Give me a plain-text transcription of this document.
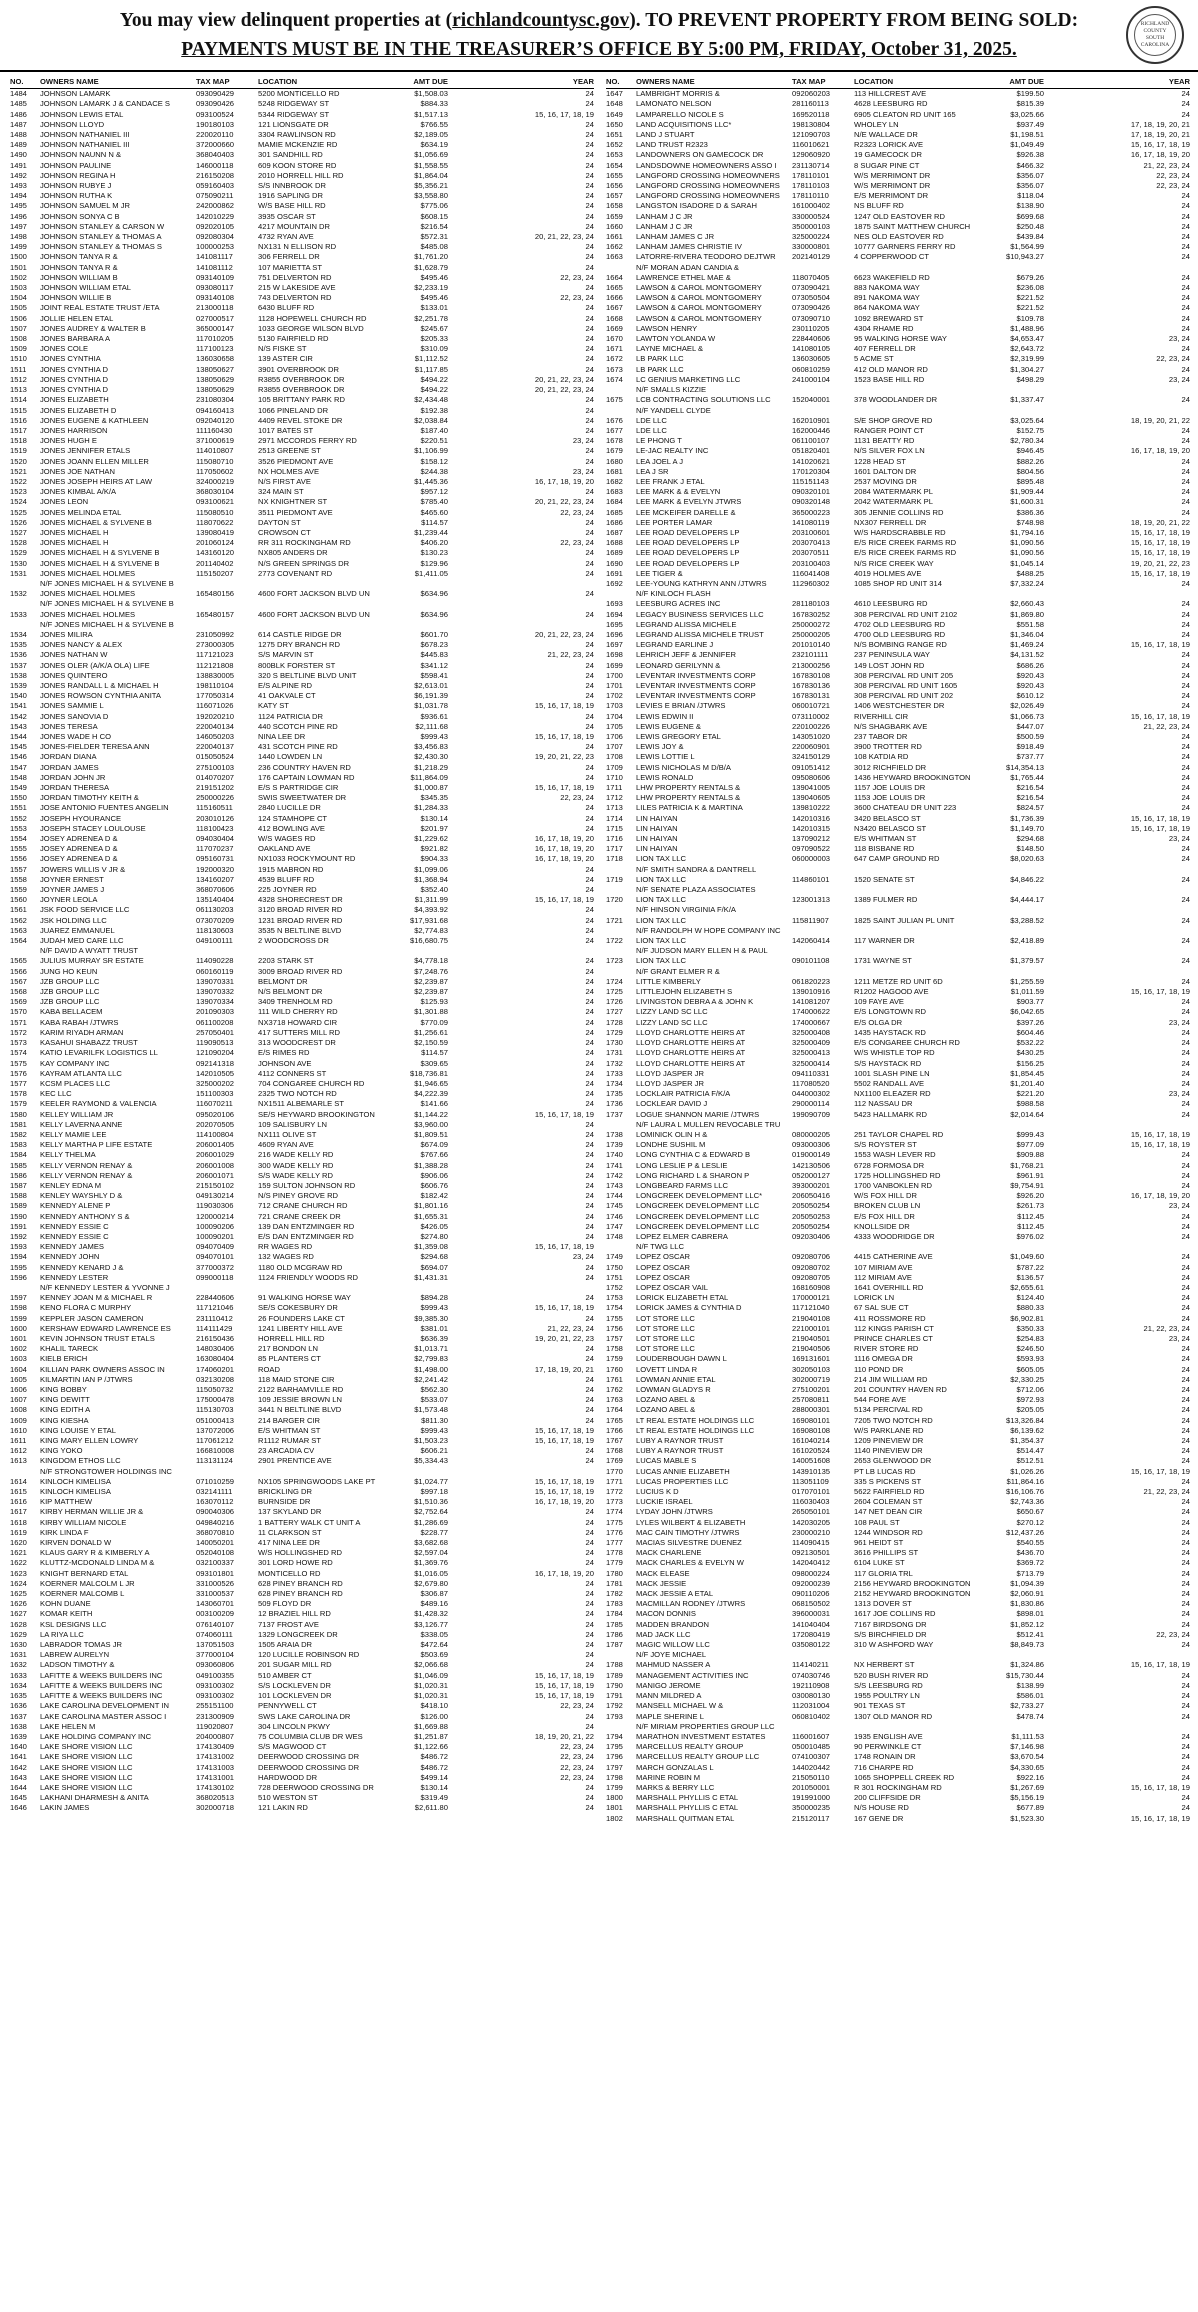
You may view delinquent properties at (richlandcountysc.gov). TO PREVENT PROPERTY FROM BEING SOLD:
PAYMENTS MUST BE IN THE TREASURER’S OFFICE BY 5:00 PM, FRIDAY, October 31, 2025.
RICHLAND COUNTY SOUTH CAROLINA
NO.	OWNERS NAME	TAX MAP	LOCATION	AMT DUE	YEAR
1484	JOHNSON LAMARK	093090429	5200 MONTICELLO RD	$1,508.03	24
1485	JOHNSON LAMARK J & CANDACE S	093090426	5248 RIDGEWAY ST	$884.33	24
1486	JOHNSON LEWIS ETAL	093100524	5344 RIDGEWAY ST	$1,517.13	15, 16, 17, 18, 19
1487	JOHNSON LLOYD	190180103	121 LIONSGATE DR	$766.55	24
1488	JOHNSON NATHANIEL III	220020110	3304 RAWLINSON RD	$2,189.05	24
1489	JOHNSON NATHANIEL III	372000660	MAMIE MCKENZIE RD	$634.19	24
1490	JOHNSON NAUNN N &	368040403	301 SANDHILL RD	$1,056.69	24
1491	JOHNSON PAULINE	146000118	609 KOON STORE RD	$1,558.55	24
1492	JOHNSON REGINA H	216150208	2010 HORRELL HILL RD	$1,864.04	24
1493	JOHNSON RUBYE J	059160403	S/S INNBROOK DR	$5,356.21	24
1494	JOHNSON RUTHA K	075090211	1916 SAPLING DR	$3,558.80	24
1495	JOHNSON SAMUEL M JR	242000862	W/S BASE HILL RD	$775.06	24
1496	JOHNSON SONYA C B	142010229	3935 OSCAR ST	$608.15	24
1497	JOHNSON STANLEY & CARSON W	092020105	4217 MOUNTAIN DR	$216.54	24
1498	JOHNSON STANLEY & THOMAS A	092080304	4732 RYAN AVE	$572.31	20, 21, 22, 23, 24
1499	JOHNSON STANLEY & THOMAS S	100000253	NX131 N ELLISON RD	$485.08	24
1500	JOHNSON TANYA R &	141081117	306 FERRELL DR	$1,761.20	24
1501	JOHNSON TANYA R &	141081112	107 MARIETTA ST	$1,628.79	24
1502	JOHNSON WILLIAM B	093140109	751 DELVERTON RD	$495.46	22, 23, 24
1503	JOHNSON WILLIAM ETAL	093080117	215 W LAKESIDE AVE	$2,233.19	24
1504	JOHNSON WILLIE B	093140108	743 DELVERTON RD	$495.46	22, 23, 24
1505	JOINT REAL ESTATE TRUST /ETA	213000118	6430 BLUFF RD	$133.01	24
1506	JOLLIE HELEN ETAL	027000517	1128 HOPEWELL CHURCH RD	$2,251.78	24
1507	JONES AUDREY & WALTER B	365000147	1033 GEORGE WILSON BLVD	$245.67	24
1508	JONES BARBARA A	117010205	5130 FAIRFIELD RD	$205.33	24
1509	JONES COLE	117100123	N/S FISKE ST	$310.09	24
1510	JONES CYNTHIA	136030658	139 ASTER CIR	$1,112.52	24
1511	JONES CYNTHIA D	138050627	3901 OVERBROOK DR	$1,117.85	24
1512	JONES CYNTHIA D	138050629	R3855 OVERBROOK DR	$494.22	20, 21, 22, 23, 24
1513	JONES CYNTHIA D	138050629	R3855 OVERBROOK DR	$494.22	20, 21, 22, 23, 24
1514	JONES ELIZABETH	231080304	105 BRITTANY PARK RD	$2,434.48	24
1515	JONES ELIZABETH D	094160413	1066 PINELAND DR	$192.38	24
1516	JONES EUGENE & KATHLEEN	092040120	4409 REVEL STOKE DR	$2,038.84	24
1517	JONES HARRISON	111160430	1017 BATES ST	$187.40	24
1518	JONES HUGH E	371000619	2971 MCCORDS FERRY RD	$220.51	23, 24
1519	JONES JENNIFER ETALS	114010807	2513 GREENE ST	$1,106.99	24
1520	JONES JOANN ELLEN MILLER	115080710	3526 PIEDMONT AVE	$158.12	24
1521	JONES JOE NATHAN	117050602	NX HOLMES AVE	$244.38	23, 24
1522	JONES JOSEPH HEIRS AT LAW	324000219	N/S FIRST AVE	$1,445.36	16, 17, 18, 19, 20
1523	JONES KIMBAL A/K/A	368030104	324 MAIN ST	$957.12	24
1524	JONES LEON	093100621	NX KNIGHTNER ST	$785.40	20, 21, 22, 23, 24
1525	JONES MELINDA ETAL	115080510	3511 PIEDMONT AVE	$465.60	22, 23, 24
1526	JONES MICHAEL & SYLVENE B	118070622	DAYTON ST	$114.57	24
1527	JONES MICHAEL H	139080419	CROWSON CT	$1,239.44	24
1528	JONES MICHAEL H	201060124	RR 311 ROCKINGHAM RD	$406.20	22, 23, 24
1529	JONES MICHAEL H & SYLVENE B	143160120	NX805 ANDERS DR	$130.23	24
1530	JONES MICHAEL H & SYLVENE B	201140402	N/S GREEN SPRINGS DR	$129.96	24
1531	JONES MICHAEL HOLMES	115150207	2773 COVENANT RD	$1,411.05	24
	N/F JONES MICHAEL H & SYLVENE B				
1532	JONES MICHAEL HOLMES	165480156	4600 FORT JACKSON BLVD UN	$634.96	24
	N/F JONES MICHAEL H & SYLVENE B				
1533	JONES MICHAEL HOLMES	165480157	4600 FORT JACKSON BLVD UN	$634.96	24
	N/F JONES MICHAEL H & SYLVENE B				
1534	JONES MILIRA	231050992	614 CASTLE RIDGE DR	$601.70	20, 21, 22, 23, 24
1535	JONES NANCY & ALEX	273000305	1275 DRY BRANCH RD	$678.23	24
1536	JONES NATHAN W	117121023	S/S MARVIN ST	$445.83	21, 22, 23, 24
1537	JONES OLER (A/K/A OLA) LIFE	112121808	800BLK FORSTER ST	$341.12	24
1538	JONES QUINTERO	138830005	320 S BELTLINE BLVD UNIT	$598.41	24
1539	JONES RANDALL L & MICHAEL H	198110104	E/S ALPINE RD	$2,613.01	24
1540	JONES ROWSON CYNTHIA ANITA	177050314	41 OAKVALE CT	$6,191.39	24
1541	JONES SAMMIE L	116071026	KATY ST	$1,031.78	15, 16, 17, 18, 19
1542	JONES SANOVIA D	192020210	1124 PATRICIA DR	$936.61	24
1543	JONES TERESA	220040134	440 SCOTCH PINE RD	$2,111.68	24
1544	JONES WADE H CO	146050203	NINA LEE DR	$999.43	15, 16, 17, 18, 19
1545	JONES-FIELDER TERESA ANN	220040137	431 SCOTCH PINE RD	$3,456.83	24
1546	JORDAN DIANA	015050524	1440 LOWDEN LN	$2,430.30	19, 20, 21, 22, 23
1547	JORDAN JAMES	275100103	236 COUNTRY HAVEN RD	$1,218.29	24
1548	JORDAN JOHN JR	014070207	176 CAPTAIN LOWMAN RD	$11,864.09	24
1549	JORDAN THERESA	219151202	E/S S PARTRIDGE CIR	$1,000.87	15, 16, 17, 18, 19
1550	JORDAN TIMOTHY KEITH &	250000226	SWIS SWEETWATER DR	$345.35	22, 23, 24
1551	JOSE ANTONIO FUENTES ANGELIN	115160511	2840 LUCILLE DR	$1,284.33	24
1552	JOSEPH HYOURANCE	203010126	124 STAMHOPE CT	$130.14	24
1553	JOSEPH STACEY LOULOUSE	118100423	412 BOWLING AVE	$201.97	24
1554	JOSEY ADRENEA D &	094030404	W/S WAGES RD	$1,229.62	16, 17, 18, 19, 20
1555	JOSEY ADRENEA D &	117070237	OAKLAND AVE	$921.82	16, 17, 18, 19, 20
1556	JOSEY ADRENEA D &	095160731	NX1033 ROCKYMOUNT RD	$904.33	16, 17, 18, 19, 20
1557	JOWERS WILLIS V JR &	192000320	1915 MABRON RD	$1,099.06	24
1558	JOYNER ERNEST	134160207	4539 BLUFF RD	$1,368.94	24
1559	JOYNER JAMES J	368070606	225 JOYNER RD	$352.40	24
1560	JOYNER LEOLA	135140404	4328 SHORECREST DR	$1,311.99	15, 16, 17, 18, 19
1561	JSK FOOD SERVICE LLC	061130203	3120 BROAD RIVER RD	$4,393.92	24
1562	JSK HOLDING LLC	073070209	1231 BROAD RIVER RD	$17,931.68	24
1563	JUAREZ EMMANUEL	118130603	3535 N BELTLINE BLVD	$2,774.83	24
1564	JUDAH MED CARE LLC	049100111	2 WOODCROSS DR	$16,680.75	24
	N/F DAVID A WYATT TRUST				
1565	JULIUS MURRAY SR ESTATE	114090228	2203 STARK ST	$4,778.18	24
1566	JUNG HO KEUN	060160119	3009 BROAD RIVER RD	$7,248.76	24
1567	JZB GROUP LLC	139070331	BELMONT DR	$2,239.87	24
1568	JZB GROUP LLC	139070332	N/S BELMONT DR	$2,239.87	24
1569	JZB GROUP LLC	139070334	3409 TRENHOLM RD	$125.93	24
1570	KABA BELLACEM	201090303	111 WILD CHERRY RD	$1,301.88	24
1571	KABA RABAH /JTWRS	061100208	NX3718 HOWARD CIR	$770.09	24
1572	KARIM RIYADH ARMAN	257050401	417 SUTTERS MILL RD	$1,256.61	24
1573	KASAHUI SHABAZZ TRUST	119090513	313 WOODCREST DR	$2,150.59	24
1574	KATIO LEVARILFK LOGISTICS LL	121090204	E/S RIMES RD	$114.57	24
1575	KAY COMPANY INC	092141318	JOHNSON AVE	$309.65	24
1576	KAYRAM ATLANTA LLC	142010505	4112 CONNERS ST	$18,736.81	24
1577	KCSM PLACES LLC	325000202	704 CONGAREE CHURCH RD	$1,946.65	24
1578	KEC LLC	151100303	2325 TWO NOTCH RD	$4,222.39	24
1579	KEELER RAYMOND & VALENCIA	116070211	NX1511 ALBEMARLE ST	$141.66	24
1580	KELLEY WILLIAM JR	095020106	SE/S HEYWARD BROOKINGTON	$1,144.22	15, 16, 17, 18, 19
1581	KELLY LAVERNA ANNE	202070505	109 SALISBURY LN	$3,960.00	24
1582	KELLY MAMIE LEE	114100804	NX111 OLIVE ST	$1,809.51	24
1583	KELLY MARTHA P LIFE ESTATE	206001405	4609 RYAN AVE	$674.09	24
1584	KELLY THELMA	206001029	216 WADE KELLY RD	$767.66	24
1585	KELLY VERNON RENAY &	206001008	300 WADE KELLY RD	$1,388.28	24
1586	KELLY VERNON RENAY &	206001071	S/S WADE KELLY RD	$906.06	24
1587	KENLEY EDNA M	215150102	159 SULTON JOHNSON RD	$606.76	24
1588	KENLEY WAYSHLY D &	049130214	N/S PINEY GROVE RD	$182.42	24
1589	KENNEDY ALENE P	119030306	712 CRANE CHURCH RD	$1,801.16	24
1590	KENNEDY ANTHONY S &	120000214	721 CRANE CREEK DR	$1,655.31	24
1591	KENNEDY ESSIE C	100090206	139 DAN ENTZMINGER RD	$426.05	24
1592	KENNEDY ESSIE C	100090201	E/S DAN ENTZMINGER RD	$274.80	24
1593	KENNEDY JAMES	094070409	RR WAGES RD	$1,359.08	15, 16, 17, 18, 19
1594	KENNEDY JOHN	094070101	132 WAGES RD	$294.68	23, 24
1595	KENNEDY KENARD J &	377000372	1180 OLD MCGRAW RD	$694.07	24
1596	KENNEDY LESTER	099000118	1124 FRIENDLY WOODS RD	$1,431.31	24
	N/F KENNEDY LESTER & YVONNE J				
1597	KENNEY JOAN M & MICHAEL R	228440606	91 WALKING HORSE WAY	$894.28	24
1598	KENO FLORA C MURPHY	117121046	SE/S COKESBURY DR	$999.43	15, 16, 17, 18, 19
1599	KEPPLER JASON CAMERON	231110412	26 FOUNDERS LAKE CT	$9,385.30	24
1600	KERSHAW EDWARD LAWRENCE ES	114111429	1241 LIBERTY HILL AVE	$381.01	21, 22, 23, 24
1601	KEVIN JOHNSON TRUST ETALS	216150436	HORRELL HILL RD	$636.39	19, 20, 21, 22, 23
1602	KHALIL TARECK	148030406	217 BONDON LN	$1,013.71	24
1603	KIELB ERICH	163080404	85 PLANTERS CT	$2,799.83	24
1604	KILLIAN PARK OWNERS ASSOC IN	174060201	ROAD	$1,498.00	17, 18, 19, 20, 21
1605	KILMARTIN IAN P /JTWRS	032130208	118 MAID STONE CIR	$2,241.42	24
1606	KING BOBBY	115050732	2122 BARHAMVILLE RD	$562.30	24
1607	KING DEWITT	175000478	109 JESSIE BROWN LN	$533.07	24
1608	KING EDITH A	115130703	3441 N BELTLINE BLVD	$1,573.48	24
1609	KING KIESHA	051000413	214 BARGER CIR	$811.30	24
1610	KING LOUISE Y ETAL	137072006	E/S WHITMAN ST	$999.43	15, 16, 17, 18, 19
1611	KING MARY ELLEN LOWRY	117061212	R1112 RUMAR ST	$1,503.23	15, 16, 17, 18, 19
1612	KING YOKO	166810008	23 ARCADIA CV	$606.21	24
1613	KINGDOM ETHOS LLC	113131124	2901 PRENTICE AVE	$5,334.43	24
	N/F STRONGTOWER HOLDINGS INC				
1614	KINLOCH KIMELISA	071010259	NX105 SPRINGWOODS LAKE PT	$1,024.77	15, 16, 17, 18, 19
1615	KINLOCH KIMELISA	032141111	BRICKLING DR	$997.18	15, 16, 17, 18, 19
1616	KIP MATTHEW	163070112	BURNSIDE DR	$1,510.36	16, 17, 18, 19, 20
1617	KIRBY HERMAN WILLIE JR &	090040306	137 SKYLAND DR	$2,752.64	24
1618	KIRBY WILLIAM NICOLE	049840216	1 BATTERY WALK CT UNIT A	$1,286.69	24
1619	KIRK LINDA F	368070810	11 CLARKSON ST	$228.77	24
1620	KIRVEN DONALD W	140050201	417 NINA LEE DR	$3,682.68	24
1621	KLAUS GARY R & KIMBERLY A	052040108	W/S HOLLINGSHED RD	$2,597.04	24
1622	KLUTTZ-MCDONALD LINDA M &	032100337	301 LORD HOWE RD	$1,369.76	24
1623	KNIGHT BERNARD ETAL	093101801	MONTICELLO RD	$1,016.05	16, 17, 18, 19, 20
1624	KOERNER MALCOLM L JR	331000526	628 PINEY BRANCH RD	$2,679.80	24
1625	KOERNER MALCOMB L	331000537	628 PINEY BRANCH RD	$306.87	24
1626	KOHN DUANE	143060701	509 FLOYD DR	$489.16	24
1627	KOMAR KEITH	003100209	12 BRAZIEL HILL RD	$1,428.32	24
1628	KSL DESIGNS LLC	076140107	7137 FROST AVE	$3,126.77	24
1629	LA RIYA LLC	074060111	1329 LONGCREEK DR	$338.05	24
1630	LABRADOR TOMAS JR	137051503	1505 ARAIA DR	$472.64	24
1631	LABREW AURELYN	377000104	120 LUCILLE ROBINSON RD	$503.69	24
1632	LADSON TIMOTHY &	093060806	201 SUGAR MILL RD	$2,066.68	24
1633	LAFITTE & WEEKS BUILDERS INC	049100355	510 AMBER CT	$1,046.09	15, 16, 17, 18, 19
1634	LAFITTE & WEEKS BUILDERS INC	093100302	S/S LOCKLEVEN DR	$1,020.31	15, 16, 17, 18, 19
1635	LAFITTE & WEEKS BUILDERS INC	093100302	101 LOCKLEVEN DR	$1,020.31	15, 16, 17, 18, 19
1636	LAKE CAROLINA DEVELOPMENT IN	255151100	PENNYWELL CT	$418.10	22, 23, 24
1637	LAKE CAROLINA MASTER ASSOC I	231300909	SWS LAKE CAROLINA DR	$126.00	24
1638	LAKE HELEN M	119020807	304 LINCOLN PKWY	$1,669.88	24
1639	LAKE HOLDING COMPANY INC	204000807	75 COLUMBIA CLUB DR WES	$1,251.87	18, 19, 20, 21, 22
1640	LAKE SHORE VISION LLC	174130409	S/S MAGWOOD CT	$1,122.66	22, 23, 24
1641	LAKE SHORE VISION LLC	174131002	DEERWOOD CROSSING DR	$486.72	22, 23, 24
1642	LAKE SHORE VISION LLC	174131003	DEERWOOD CROSSING DR	$486.72	22, 23, 24
1643	LAKE SHORE VISION LLC	174131001	HARDWOOD DR	$499.14	22, 23, 24
1644	LAKE SHORE VISION LLC	174130102	728 DEERWOOD CROSSING DR	$130.14	24
1645	LAKHANI DHARMESH & ANITA	368020513	510 WESTON ST	$319.49	24
1646	LAKIN JAMES	302000718	121 LAKIN RD	$2,611.80	24
NO.	OWNERS NAME	TAX MAP	LOCATION	AMT DUE	YEAR
1647	LAMBRIGHT MORRIS &	092060203	113 HILLCREST AVE	$199.50	24
1648	LAMONATO NELSON	281160113	4628 LEESBURG RD	$815.39	24
1649	LAMPARELLO NICOLE S	169520118	6905 CLEATON RD UNIT 165	$3,025.66	24
1650	LAND ACQUISITIONS LLC*	198130804	WHOLEY LN	$937.49	17, 18, 19, 20, 21
1651	LAND J STUART	121090703	N/E WALLACE DR	$1,198.51	17, 18, 19, 20, 21
1652	LAND TRUST R2323	116010621	R2323 LORICK AVE	$1,049.49	15, 16, 17, 18, 19
1653	LANDOWNERS ON GAMECOCK DR	129060920	19 GAMECOCK DR	$926.38	16, 17, 18, 19, 20
1654	LANDSDOWNE HOMEOWNERS ASSO I	231130714	8 SUGAR PINE CT	$466.32	21, 22, 23, 24
1655	LANGFORD CROSSING HOMEOWNERS	178110101	W/S MERRIMONT DR	$356.07	22, 23, 24
1656	LANGFORD CROSSING HOMEOWNERS	178110103	W/S MERRIMONT DR	$356.07	22, 23, 24
1657	LANGFORD CROSSING HOMEOWNERS	178110110	E/S MERRIMONT DR	$118.04	24
1658	LANGSTON ISADORE D & SARAH	161000402	NS BLUFF RD	$138.90	24
1659	LANHAM J C JR	330000524	1247 OLD EASTOVER RD	$699.68	24
1660	LANHAM J C JR	350000103	1875 SAINT MATTHEW CHURCH	$250.48	24
1661	LANHAM JAMES C JR	325000224	NES OLD EASTOVER RD	$439.84	24
1662	LANHAM JAMES CHRISTIE IV	330000801	10777 GARNERS FERRY RD	$1,564.99	24
1663	LATORRE-RIVERA TEODORO DEJTWR	202140129	4 COPPERWOOD CT	$10,943.27	24
	N/F MORAN ADAN CANDIA &				
1664	LAWRENCE ETHEL MAE &	118070405	6623 WAKEFIELD RD	$679.26	24
1665	LAWSON & CAROL MONTGOMERY	073090421	883 NAKOMA WAY	$236.08	24
1666	LAWSON & CAROL MONTGOMERY	073050504	891 NAKOMA WAY	$221.52	24
1667	LAWSON & CAROL MONTGOMERY	073090426	864 NAKOMA WAY	$221.52	24
1668	LAWSON & CAROL MONTGOMERY	073090710	1092 BREWARD ST	$109.78	24
1669	LAWSON HENRY	230110205	4304 RHAME RD	$1,488.96	24
1670	LAWTON YOLANDA W	228440606	95 WALKING HORSE WAY	$4,653.47	23, 24
1671	LAYNE MICHAEL &	141080105	407 FERRELL DR	$2,643.72	24
1672	LB PARK LLC	136030605	5 ACME ST	$2,319.99	22, 23, 24
1673	LB PARK LLC	060810259	412 OLD MANOR RD	$1,304.27	24
1674	LC GENIUS MARKETING LLC	241000104	1523 BASE HILL RD	$498.29	23, 24
	N/F SMALLS KIZZIE				
1675	LCB CONTRACTING SOLUTIONS LLC	152040001	378 WOODLANDER DR	$1,337.47	24
	N/F YANDELL CLYDE				
1676	LDE LLC	162010901	S/E SHOP GROVE RD	$3,025.64	18, 19, 20, 21, 22
1677	LDE LLC	162000446	RANGER POINT CT	$152.75	24
1678	LE PHONG T	061100107	1131 BEATTY RD	$2,780.34	24
1679	LE-JAC REALTY INC	051820401	N/S SILVER FOX LN	$946.45	16, 17, 18, 19, 20
1680	LEA JOEL A J	141020621	1228 HEAD ST	$882.26	24
1681	LEA J SR	170120304	1601 DALTON DR	$804.56	24
1682	LEE FRANK J ETAL	115151143	2537 MOVING DR	$895.48	24
1683	LEE MARK & & EVELYN	090320101	2084 WATERMARK PL	$1,909.44	24
1684	LEE MARK & EVELYN JTWRS	090320148	2042 WATERMARK PL	$1,600.31	24
1685	LEE MCKEIFER DARELLE &	365000223	305 JENNIE COLLINS RD	$386.36	24
1686	LEE PORTER LAMAR	141080119	NX307 FERRELL DR	$748.98	18, 19, 20, 21, 22
1687	LEE ROAD DEVELOPERS LP	203100601	W/S HARDSCRABBLE RD	$1,794.16	15, 16, 17, 18, 19
1688	LEE ROAD DEVELOPERS LP	203070413	E/S RICE CREEK FARMS RD	$1,090.56	15, 16, 17, 18, 19
1689	LEE ROAD DEVELOPERS LP	203070511	E/S RICE CREEK FARMS RD	$1,090.56	15, 16, 17, 18, 19
1690	LEE ROAD DEVELOPERS LP	203100403	N/S RICE CREEK WAY	$1,045.14	19, 20, 21, 22, 23
1691	LEE TIGER &	116041408	4019 HOLMES AVE	$488.25	15, 16, 17, 18, 19
1692	LEE-YOUNG KATHRYN ANN /JTWRS	112960302	1085 SHOP RD UNIT 314	$7,332.24	24
	N/F KINLOCH FLASH				
1693	LEESBURG ACRES INC	281180103	4610 LEESBURG RD	$2,660.43	24
1694	LEGACY BUSINESS SERVICES LLC	167830252	308 PERCIVAL RD UNIT 2102	$1,869.80	24
1695	LEGRAND ALISSA MICHELE	250000272	4702 OLD LEESBURG RD	$551.58	24
1696	LEGRAND ALISSA MICHELE TRUST	250000205	4700 OLD LEESBURG RD	$1,346.04	24
1697	LEGRAND EARLINE J	201010140	N/S BOMBING RANGE RD	$1,469.24	15, 16, 17, 18, 19
1698	LEHRICH JEFF & JENNIFER	232101111	237 PENINSULA WAY	$4,131.52	24
1699	LEONARD GERILYNN &	213000256	149 LOST JOHN RD	$686.26	24
1700	LEVENTAR INVESTMENTS CORP	167830108	308 PERCIVAL RD UNIT 205	$920.43	24
1701	LEVENTAR INVESTMENTS CORP	167830136	308 PERCIVAL RD UNIT 1605	$920.43	24
1702	LEVENTAR INVESTMENTS CORP	167830131	308 PERCIVAL RD UNIT 202	$610.12	24
1703	LEVIES E BRIAN /JTWRS	060010721	1406 WESTCHESTER DR	$2,026.49	24
1704	LEWIS EDWIN II	073110002	RIVERHILL CIR	$1,066.73	15, 16, 17, 18, 19
1705	LEWIS EUGENE &	220100226	N/S SHAGBARK AVE	$447.07	21, 22, 23, 24
1706	LEWIS GREGORY ETAL	143051020	237 TABOR DR	$500.59	24
1707	LEWIS JOY &	220060901	3900 TROTTER RD	$918.49	24
1708	LEWIS LOTTIE L	324150129	108 KATDIA RD	$737.77	24
1709	LEWIS NICHOLAS M D/B/A	091051412	3012 RICHFIELD DR	$14,354.13	24
1710	LEWIS RONALD	095080606	1436 HEYWARD BROOKINGTON	$1,765.44	24
1711	LHW PROPERTY RENTALS &	139041005	1157 JOE LOUIS DR	$216.54	24
1712	LHW PROPERTY RENTALS &	139040605	1153 JOE LOUIS DR	$216.54	24
1713	LILES PATRICIA K & MARTINA	139810222	3600 CHATEAU DR UNIT 223	$824.57	24
1714	LIN HAIYAN	142010316	3420 BELASCO ST	$1,736.39	15, 16, 17, 18, 19
1715	LIN HAIYAN	142010315	N3420 BELASCO ST	$1,149.70	15, 16, 17, 18, 19
1716	LIN HAIYAN	137090212	E/S WHITMAN ST	$294.68	23, 24
1717	LIN HAIYAN	097090522	118 BISBANE RD	$148.50	24
1718	LION TAX LLC	060000003	647 CAMP GROUND RD	$8,020.63	24
	N/F SMITH SANDRA & DANTRELL				
1719	LION TAX LLC	114860101	1520 SENATE ST	$4,846.22	24
	N/F SENATE PLAZA ASSOCIATES				
1720	LION TAX LLC	123001313	1389 FULMER RD	$4,444.17	24
	N/F HINSON VIRGINIA F/K/A				
1721	LION TAX LLC	115811907	1825 SAINT JULIAN PL UNIT	$3,288.52	24
	N/F RANDOLPH W HOPE COMPANY INC				
1722	LION TAX LLC	142060414	117 WARNER DR	$2,418.89	24
	N/F JUDSON MARY ELLEN H & PAUL				
1723	LION TAX LLC	090101108	1731 WAYNE ST	$1,379.57	24
	N/F GRANT ELMER R &				
1724	LITTLE KIMBERLY	061820223	1211 METZE RD UNIT 6D	$1,255.59	24
1725	LITTLEJOHN ELIZABETH S	139010916	R1202 HAGOOD AVE	$1,011.59	15, 16, 17, 18, 19
1726	LIVINGSTON DEBRA A & JOHN K	141081207	109 FAYE AVE	$903.77	24
1727	LIZZY LAND SC LLC	174000622	E/S LONGTOWN RD	$6,042.65	24
1728	LIZZY LAND SC LLC	174000667	E/S OLGA DR	$397.26	23, 24
1729	LLOYD CHARLOTTE HEIRS AT	325000408	1435 HAYSTACK RD	$604.46	24
1730	LLOYD CHARLOTTE HEIRS AT	325000409	E/S CONGAREE CHURCH RD	$532.22	24
1731	LLOYD CHARLOTTE HEIRS AT	325000413	W/S WHISTLE TOP RD	$430.25	24
1732	LLOYD CHARLOTTE HEIRS AT	325000414	S/S HAYSTACK RD	$156.25	24
1733	LLOYD JASPER JR	094110331	1001 SLASH PINE LN	$1,854.45	24
1734	LLOYD JASPER JR	117080520	5502 RANDALL AVE	$1,201.40	24
1735	LOCKLAIR PATRICIA F/K/A	044000302	NX1100 ELEAZER RD	$221.20	23, 24
1736	LOCKLEAR DAVID J	290000114	112 NASSAU DR	$988.58	24
1737	LOGUE SHANNON MARIE /JTWRS	199090709	5423 HALLMARK RD	$2,014.64	24
	N/F LAURA L MULLEN REVOCABLE TRU				
1738	LOMINICK OLIN H &	080000205	251 TAYLOR CHAPEL RD	$999.43	15, 16, 17, 18, 19
1739	LONDHE SUSHIL M	093000306	S/S ROYSTER ST	$977.09	15, 16, 17, 18, 19
1740	LONG CYNTHIA C & EDWARD B	019000149	1553 WASH LEVER RD	$909.88	24
1741	LONG LESLIE P & LESLIE	142130506	6728 FORMOSA DR	$1,768.21	24
1742	LONG RICHARD L & SHARON P	052000127	1725 HOLLINGSHED RD	$961.91	24
1743	LONGBEARD FARMS LLC	393000201	1700 VANBOKLEN RD	$9,754.91	24
1744	LONGCREEK DEVELOPMENT LLC*	206050416	W/S FOX HILL DR	$926.20	16, 17, 18, 19, 20
1745	LONGCREEK DEVELOPMENT LLC	205050254	BROKEN CLUB LN	$261.73	23, 24
1746	LONGCREEK DEVELOPMENT LLC	205050253	E/S FOX HILL DR	$112.45	24
1747	LONGCREEK DEVELOPMENT LLC	205050254	KNOLLSIDE DR	$112.45	24
1748	LOPEZ ELMER CABRERA	092030406	4333 WOODRIDGE DR	$976.02	24
	N/F TWG LLC				
1749	LOPEZ OSCAR	092080706	4415 CATHERINE AVE	$1,049.60	24
1750	LOPEZ OSCAR	092080702	107 MIRIAM AVE	$787.22	24
1751	LOPEZ OSCAR	092080705	112 MIRIAM AVE	$136.57	24
1752	LOPEZ OSCAR VAIL	168160908	1641 OVERHILL RD	$2,655.61	24
1753	LORICK ELIZABETH ETAL	170000121	LORICK LN	$124.40	24
1754	LORICK JAMES & CYNTHIA D	117121040	67 SAL SUE CT	$880.33	24
1755	LOT STORE LLC	219040108	411 ROSSMORE RD	$6,902.81	24
1756	LOT STORE LLC	221000101	112 KINGS PARISH CT	$350.33	21, 22, 23, 24
1757	LOT STORE LLC	219040501	PRINCE CHARLES CT	$254.83	23, 24
1758	LOT STORE LLC	219040506	RIVER STORE RD	$246.50	24
1759	LOUDERBOUGH DAWN L	169131601	1116 OMEGA DR	$593.93	24
1760	LOVETT LINDA R	302050103	110 POND DR	$605.05	24
1761	LOWMAN ANNIE ETAL	302000719	214 JIM WILLIAM RD	$2,330.25	24
1762	LOWMAN GLADYS R	275100201	201 COUNTRY HAVEN RD	$712.06	24
1763	LOZANO ABEL &	257080811	544 FORE AVE	$972.93	24
1764	LOZANO ABEL &	288000301	5134 PERCIVAL RD	$205.05	24
1765	LT REAL ESTATE HOLDINGS LLC	169080101	7205 TWO NOTCH RD	$13,326.84	24
1766	LT REAL ESTATE HOLDINGS LLC	169080108	W/S PARKLANE RD	$6,139.62	24
1767	LUBY A RAYNOR TRUST	161040214	1209 PINEVIEW DR	$1,354.37	24
1768	LUBY A RAYNOR TRUST	161020524	1140 PINEVIEW DR	$514.47	24
1769	LUCAS MABLE S	140051608	2653 GLENWOOD DR	$512.51	24
1770	LUCAS ANNIE ELIZABETH	143910135	PT LB LUCAS RD	$1,026.26	15, 16, 17, 18, 19
1771	LUCAS PROPERTIES LLC	113051109	335 S PICKENS ST	$11,864.16	24
1772	LUCIUS K D	017070101	5622 FAIRFIELD RD	$16,106.76	21, 22, 23, 24
1773	LUCKIE ISRAEL	116030403	2604 COLEMAN ST	$2,743.36	24
1774	LYDAY JOHN /JTWRS	265050101	147 NET DEAN CIR	$650.67	24
1775	LYLES WILBERT & ELIZABETH	142030205	108 PAUL ST	$270.12	24
1776	MAC CAIN TIMOTHY /JTWRS	230000210	1244 WINDSOR RD	$12,437.26	24
1777	MACIAS SILVESTRE DUENEZ	114090415	961 HEIDT ST	$540.55	24
1778	MACK CHARLENE	092130501	3616 PHILLIPS ST	$436.70	24
1779	MACK CHARLES & EVELYN W	142040412	6104 LUKE ST	$369.72	24
1780	MACK ELEASE	098000224	117 GLORIA TRL	$713.79	24
1781	MACK JESSIE	092000239	2156 HEYWARD BROOKINGTON	$1,094.39	24
1782	MACK JESSIE A ETAL	090110206	2152 HEYWARD BROOKINGTON	$2,060.91	24
1783	MACMILLAN RODNEY /JTWRS	068150502	1313 DOVER ST	$1,830.86	24
1784	MACON DONNIS	396000031	1617 JOE COLLINS RD	$898.01	24
1785	MADDEN BRANDON	141040404	7167 BIRDSONG DR	$1,852.12	24
1786	MAD JACK LLC	172080419	S/S BIRCHFIELD DR	$512.41	22, 23, 24
1787	MAGIC WILLOW LLC	035080122	310 W ASHFORD WAY	$8,849.73	24
	N/F JOYE MICHAEL				
1788	MAHMUD NASSER A	114140211	NX HERBERT ST	$1,324.86	15, 16, 17, 18, 19
1789	MANAGEMENT ACTIVITIES INC	074030746	520 BUSH RIVER RD	$15,730.44	24
1790	MANIGO JEROME	192110908	S/S LEESBURG RD	$138.99	24
1791	MANN MILDRED A	030080130	1955 POULTRY LN	$586.01	24
1792	MANSELL MICHAEL W &	112031004	901 TEXAS ST	$2,733.27	24
1793	MAPLE SHERINE L	060810402	1307 OLD MANOR RD	$478.74	24
	N/F MIRIAM PROPERTIES GROUP LLC				
1794	MARATHON INVESTMENT ESTATES	116001607	1935 ENGLISH AVE	$1,111.53	24
1795	MARCELLUS REALTY GROUP	050010485	90 PERWINKLE CT	$7,146.98	24
1796	MARCELLUS REALTY GROUP LLC	074100307	1748 RONAIN DR	$3,670.54	24
1797	MARCH GONZALAS L	144020442	716 CHARPE RD	$4,330.65	24
1798	MARINE ROBIN M	215050110	1065 SHOPPELL CREEK RD	$922.16	24
1799	MARKS & BERRY LLC	201050001	R 301 ROCKINGHAM RD	$1,267.69	15, 16, 17, 18, 19
1800	MARSHALL PHYLLIS C ETAL	191991000	200 CLIFFSIDE DR	$5,156.19	24
1801	MARSHALL PHYLLIS C ETAL	350000235	N/S HOUSE RD	$677.89	24
1802	MARSHALL QUITMAN ETAL	215120117	167 GENE DR	$1,523.30	15, 16, 17, 18, 19
